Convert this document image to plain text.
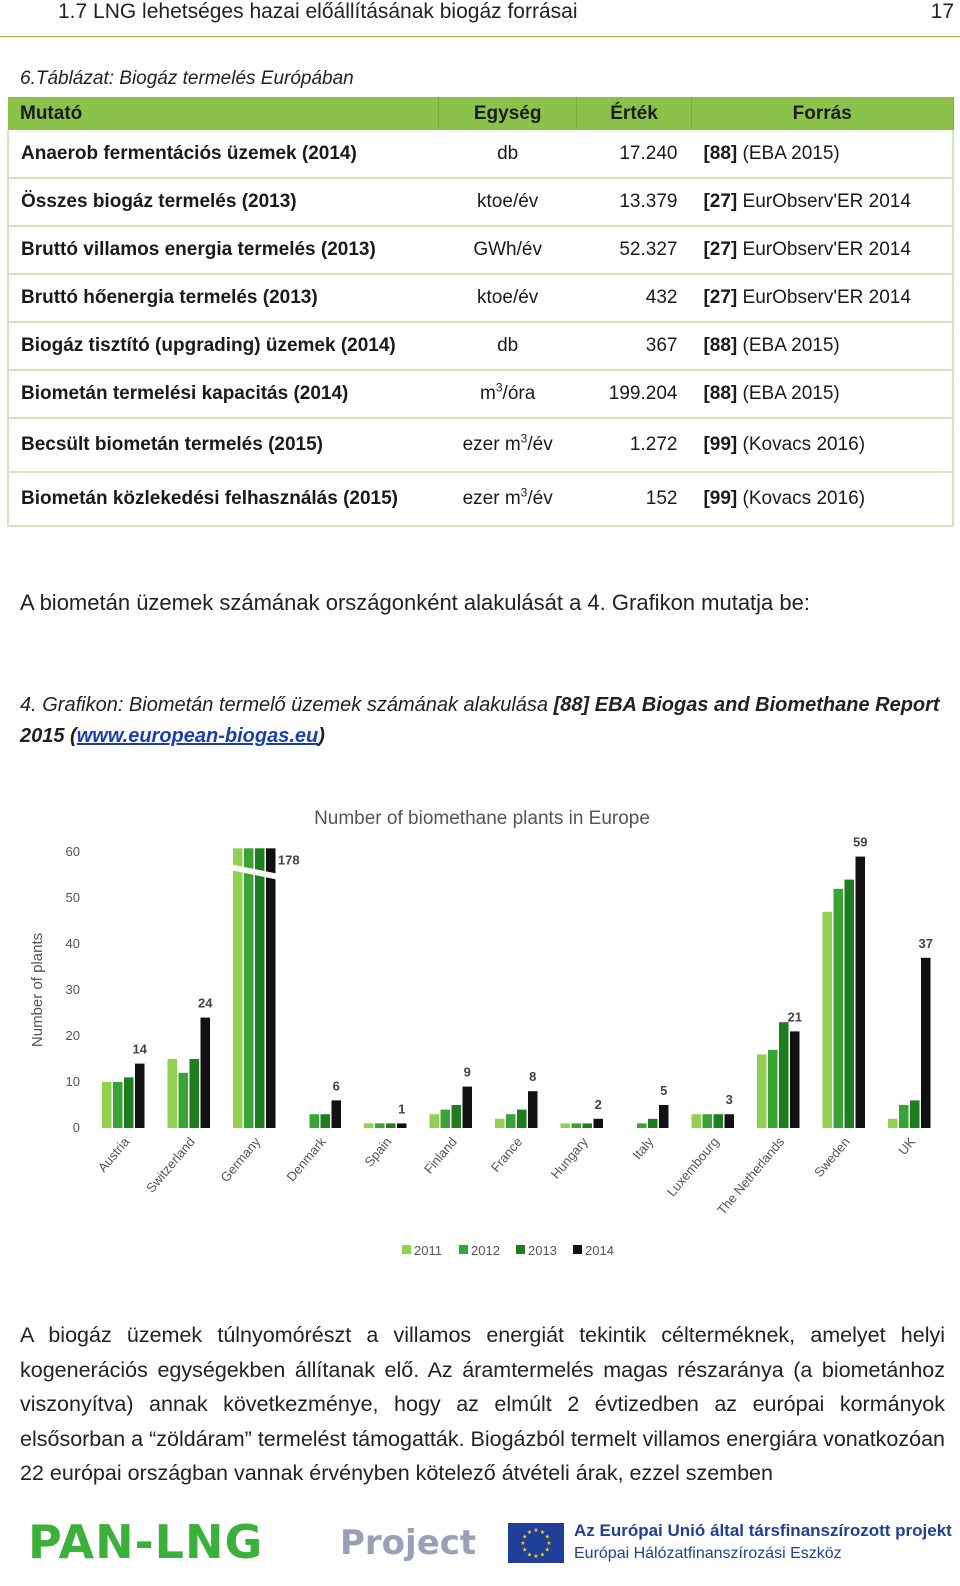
1.7 LNG lehetséges hazai előállításának biogáz forrásai	17
6.Táblázat: Biogáz termelés Európában
Mutató	Egység	Érték	Forrás
Anaerob fermentációs üzemek (2014)	db	17.240	[88] (EBA 2015)
Összes biogáz termelés (2013)	ktoe/év	13.379	[27] EurObserv'ER 2014
Bruttó villamos energia termelés (2013)	GWh/év	52.327	[27] EurObserv'ER 2014
Bruttó hőenergia termelés (2013)	ktoe/év	432	[27] EurObserv'ER 2014
Biogáz tisztító (upgrading) üzemek (2014)	db	367	[88] (EBA 2015)
Biometán termelési kapacitás (2014)	$m^3$/óra	199.204	[88] (EBA 2015)
Becsült biometán termelés (2015)	ezer $m^3/év$	1.272	[99] (Kovacs 2016)
Biometán közlekedési felhasználás (2015)	ezer $m^3/év$	152	[99] (Kovacs 2016)
A biometán üzemek számának országonként alakulását a 4. Grafikon mutatja be:
4. Grafikon: Biometán termelő üzemek számának alakulása [88] EBA Biogas and Biomethane Report 2015 (www.european-biogas.eu)
Number of biomethane plants in Europe
0
10
20
30
40
50
60
Number of plants
14
Austria
24
Switzerland
178
Germany
6
Denmark
1
Spain
9
Finland
8
France
2
Hungary
5
Italy
3
Luxembourg
21
The Netherlands
59
Sweden
37
UK
2011 2012 2013 2014
A biogáz üzemek túlnyomórészt a villamos energiát tekintik célterméknek, amelyet helyi kogenerációs egységekben állítanak elő. Az áramtermelés magas részaránya (a biometánhoz viszonyítva) annak következménye, hogy az elmúlt 2 évtizedben az európai kormányok elsősorban a “zöldáram” termelést támogatták. Biogázból termelt villamos energiára vonatkozóan 22 európai országban vannak érvényben kötelező átvételi árak, ezzel szemben
PAN-LNG Project	★ ★
★
★
★
★
★
★
★
★
★
★ Az Európai Unió által társfinanszírozott projekt
Európai Hálózatfinanszírozási Eszköz
